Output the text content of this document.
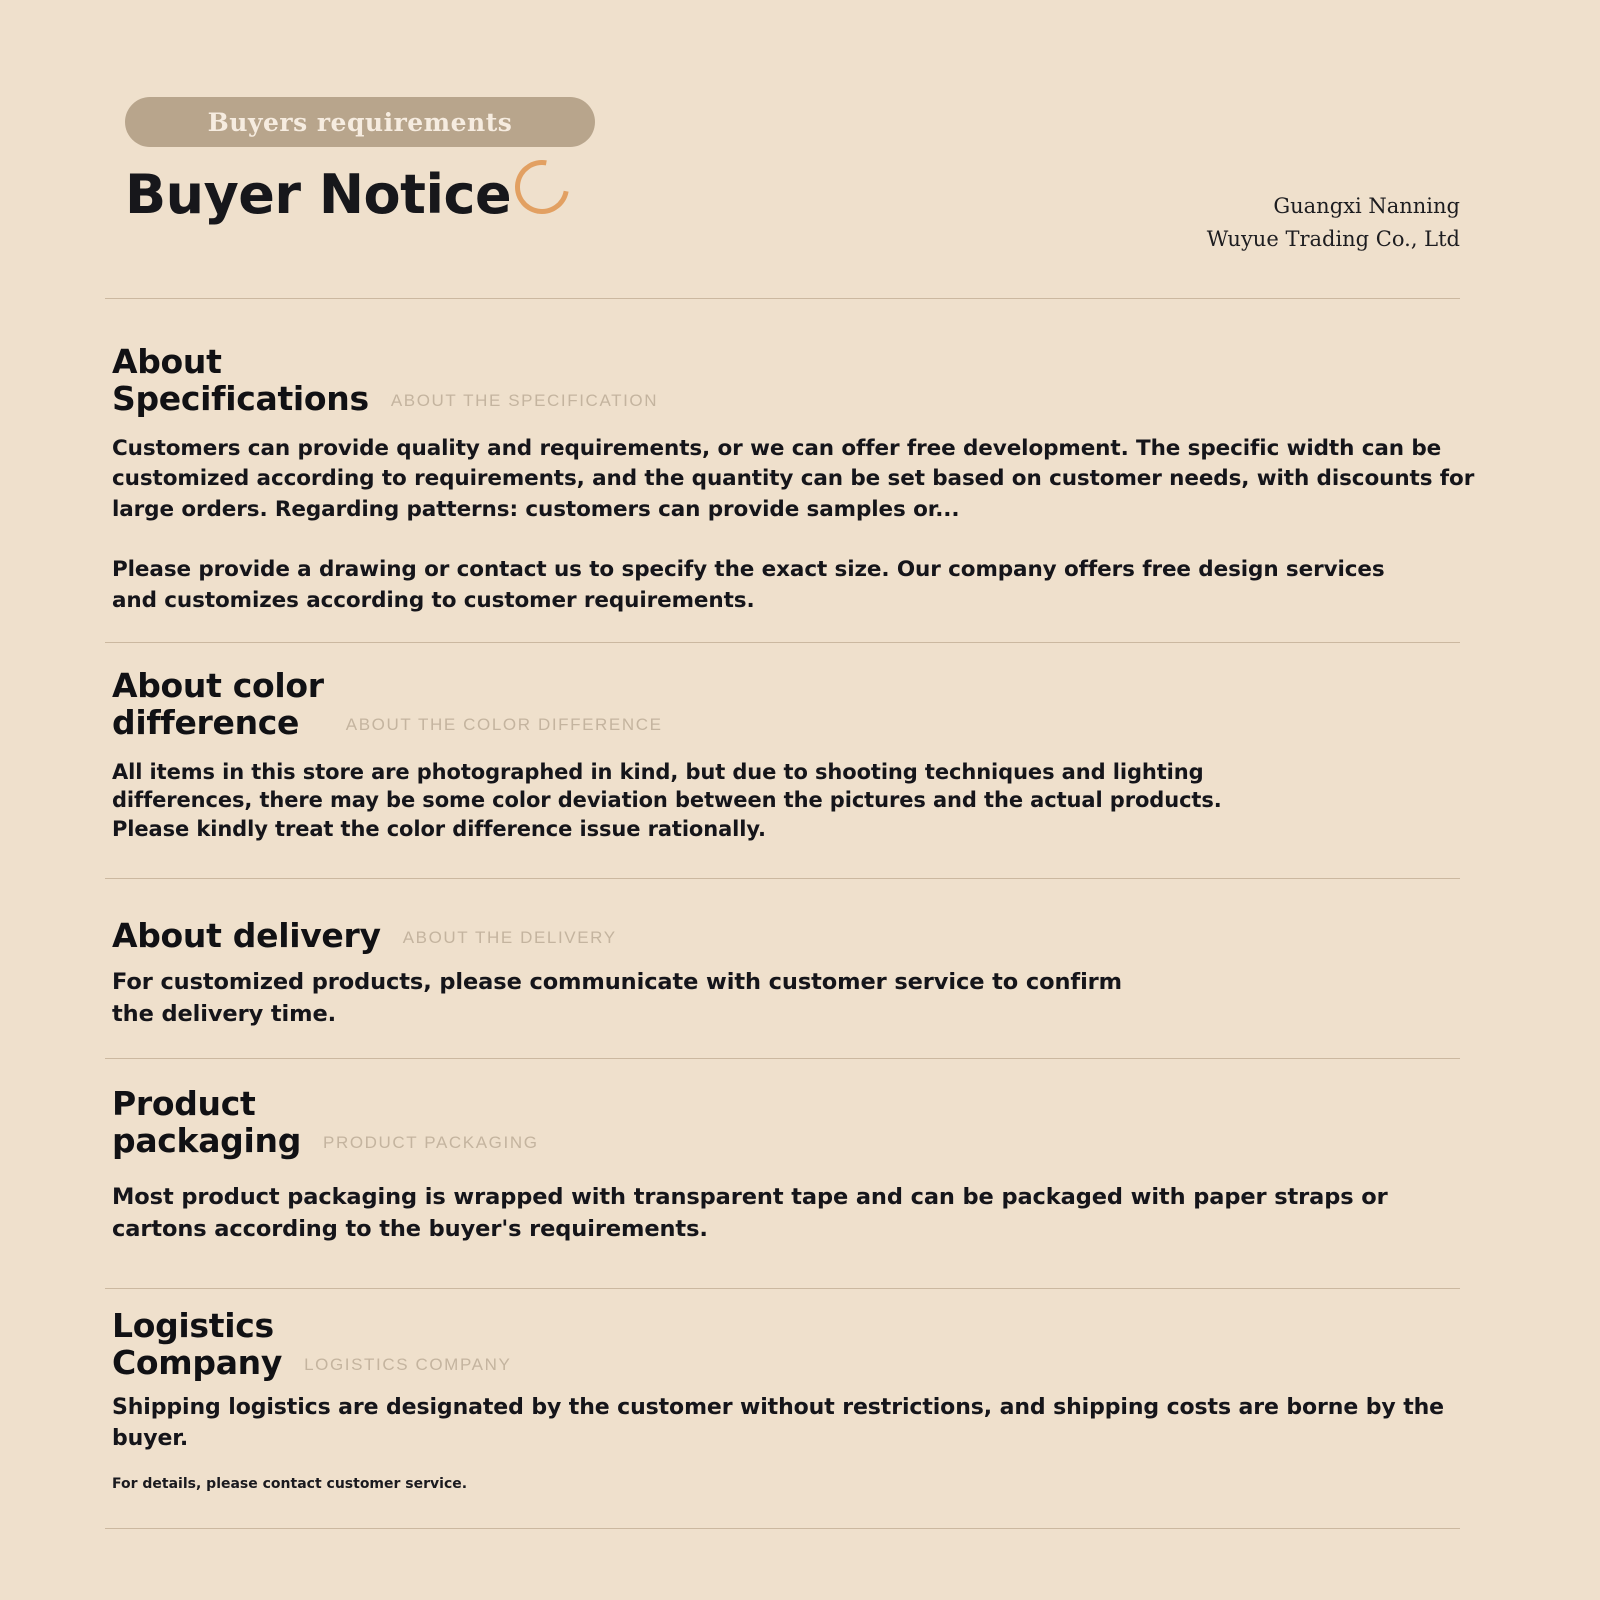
Buyers requirements
Buyer Notice	Guangxi Nanning
Wuyue Trading Co., Ltd
About
Specifications ABOUT THE SPECIFICATION
Customers can provide quality and requirements, or we can offer free development. The specific width can be customized according to requirements, and the quantity can be set based on customer needs, with discounts for large orders. Regarding patterns: customers can provide samples or...
Please provide a drawing or contact us to specify the exact size. Our company offers free design services and customizes according to customer requirements.
About color
difference	ABOUT THE COLOR DIFFERENCE
All items in this store are photographed in kind, but due to shooting techniques and lighting differences, there may be some color deviation between the pictures and the actual products. Please kindly treat the color difference issue rationally.
About delivery ABOUT THE DELIVERY
For customized products, please communicate with customer service to confirm the delivery time.
Product
packaging PRODUCT PACKAGING
Most product packaging is wrapped with transparent tape and can be packaged with paper straps or cartons according to the buyer's requirements.
Logistics
Company LOGISTICS COMPANY
Shipping logistics are designated by the customer without restrictions, and shipping costs are borne by the buyer.
For details, please contact customer service.
